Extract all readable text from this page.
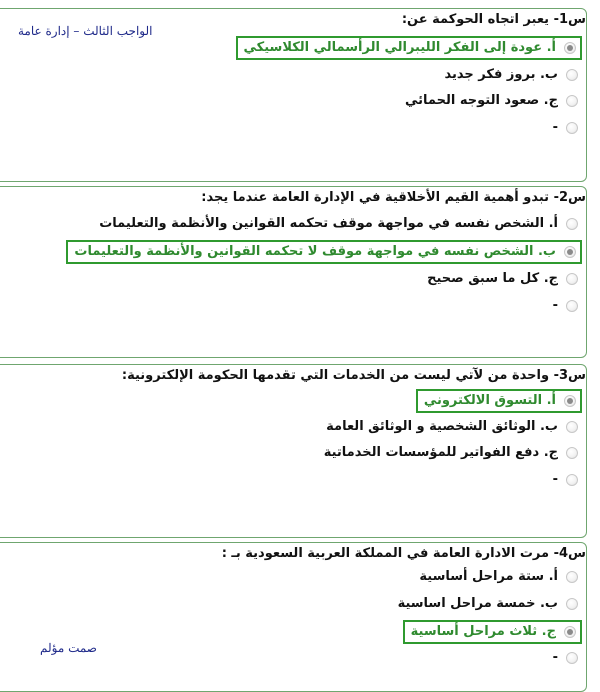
الواجب الثالث – إدارة عامة
صمت مؤلم
س1- يعبر اتجاه الحوكمة عن:
أ. عودة إلى الفكر الليبرالي الرأسمالي الكلاسيكي
ب. بروز فكر جديد
ج. صعود التوجه الحمائي
-
س2- تبدو أهمية القيم الأخلاقية في الإدارة العامة عندما يجد:
أ. الشخص نفسه في مواجهة موقف تحكمه القوانين والأنظمة والتعليمات
ب. الشخص نفسه في مواجهة موقف لا تحكمه القوانين والأنظمة والتعليمات
ج. كل ما سبق صحيح
-
س3- واحدة من لآتي ليست من الخدمات التي تقدمها الحكومة الإلكترونية:
أ. التسوق الالكتروني
ب. الوثائق الشخصية و الوثائق العامة
ج. دفع الفواتير للمؤسسات الخدماتية
-
س4- مرت الادارة العامة في المملكة العربية السعودية بـ :
أ. ستة مراحل أساسية
ب. خمسة مراحل اساسية
ج. ثلاث مراحل أساسية
-
